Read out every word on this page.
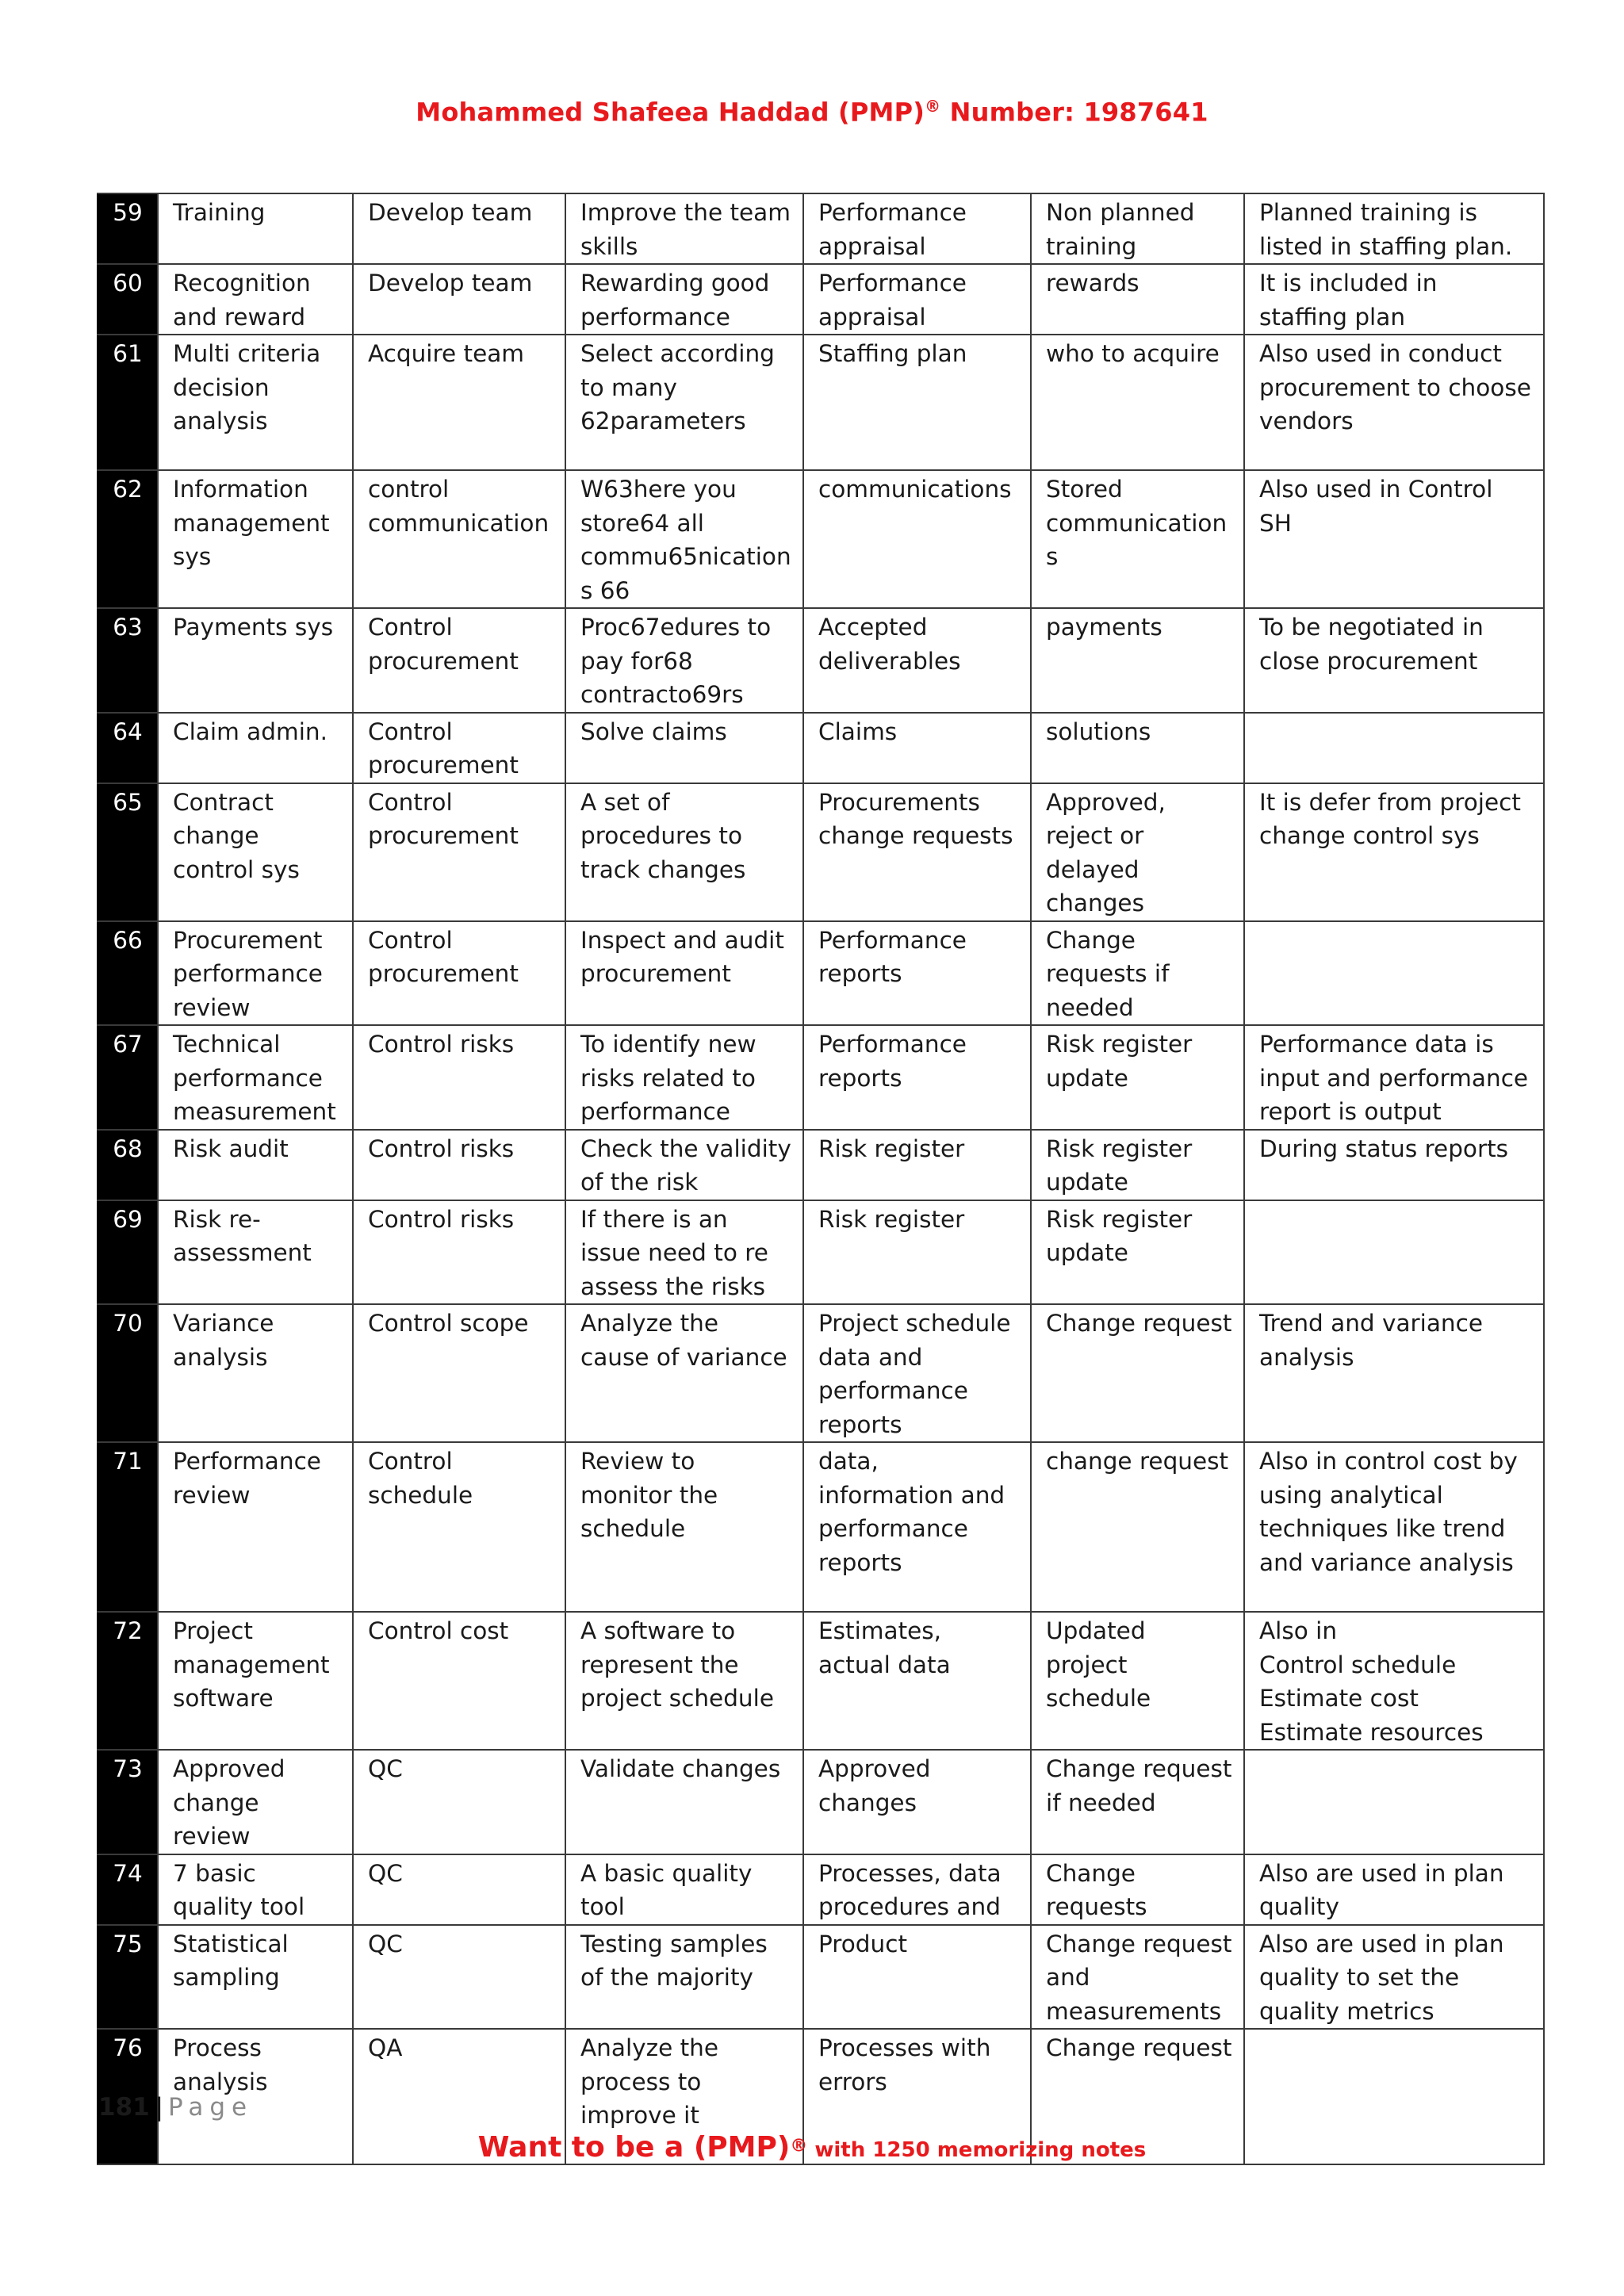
Mohammed Shafeea Haddad (PMP)® Number: 1987641
59	Training	Develop team	Improve the team skills	Performance appraisal	Non planned training	Planned training is listed in staffing plan.
60	Recognition and reward	Develop team	Rewarding good performance	Performance appraisal	rewards	It is included in staffing plan
61	Multi criteria decision analysis	Acquire team	Select according to many 62parameters	Staffing plan	who to acquire	Also used in conduct procurement to choose vendors
62	Information management sys	control communication	W63here you store64 all commu65nications 66	communications	Stored communications	Also used in Control SH
63	Payments sys	Control procurement	Proc67edures to pay for68 contracto69rs	Accepted deliverables	payments	To be negotiated in close procurement
64	Claim admin.	Control procurement	Solve claims	Claims	solutions	
65	Contract change control sys	Control procurement	A set of procedures to track changes	Procurements change requests	Approved, reject or delayed changes	It is defer from project change control sys
66	Procurement performance review	Control procurement	Inspect and audit procurement	Performance reports	Change requests if needed	
67	Technical performance measurement	Control risks	To identify new risks related to performance	Performance reports	Risk register update	Performance data is input and performance report is output
68	Risk audit	Control risks	Check the validity of the risk	Risk register	Risk register update	During status reports
69	Risk re-assessment	Control risks	If there is an issue need to re assess the risks	Risk register	Risk register update	
70	Variance analysis	Control scope	Analyze the cause of variance	Project schedule data and performance reports	Change request	Trend and variance analysis
71	Performance review	Control schedule	Review to monitor the schedule	data, information and performance reports	change request	Also in control cost by using analytical techniques like trend and variance analysis
72	Project management software	Control cost	A software to represent the project schedule	Estimates, actual data	Updated project schedule	Also in
Control schedule
Estimate cost
Estimate resources
73	Approved change review	QC	Validate changes	Approved changes	Change request if needed	
74	7 basic quality tool	QC	A basic quality tool	Processes, data procedures and	Change requests	Also are used in plan quality
75	Statistical sampling	QC	Testing samples of the majority	Product	Change request and measurements	Also are used in plan quality to set the quality metrics
76	Process analysis	QA	Analyze the process to improve it	Processes with errors	Change request	
181 | Page
Want to be a (PMP)® with 1250 memorizing notes
